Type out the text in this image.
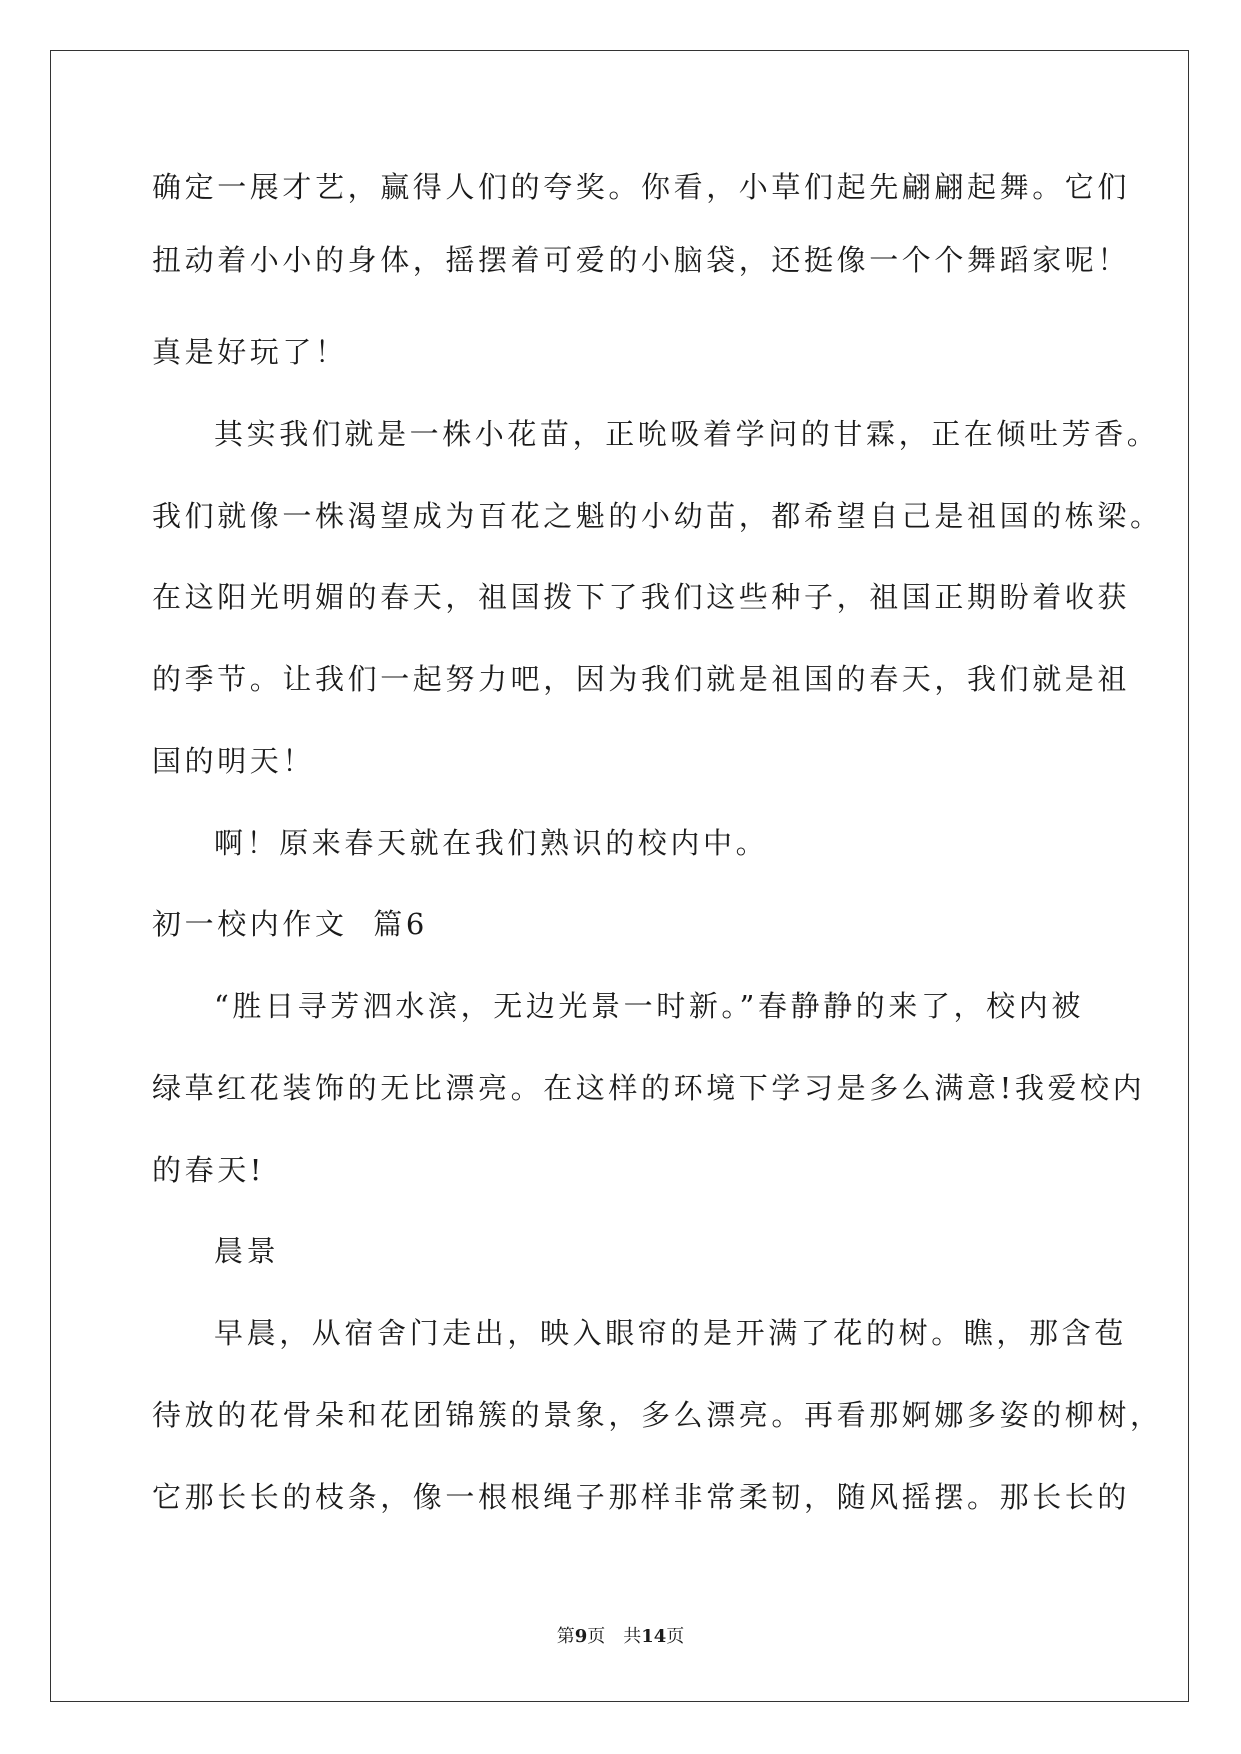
确定一展才艺，赢得人们的夸奖。你看，小草们起先翩翩起舞。它们
扭动着小小的身体，摇摆着可爱的小脑袋，还挺像一个个舞蹈家呢！
真是好玩了！
其实我们就是一株小花苗，正吮吸着学问的甘霖，正在倾吐芳香。
我们就像一株渴望成为百花之魁的小幼苗，都希望自己是祖国的栋梁。
在这阳光明媚的春天，祖国拨下了我们这些种子，祖国正期盼着收获
的季节。让我们一起努力吧，因为我们就是祖国的春天，我们就是祖
国的明天！
啊！原来春天就在我们熟识的校内中。
初一校内作文  篇6
“胜日寻芳泗水滨，无边光景一时新。”春静静的来了，校内被
绿草红花装饰的无比漂亮。在这样的环境下学习是多么满意!我爱校内
的春天!
晨景
早晨，从宿舍门走出，映入眼帘的是开满了花的树。瞧，那含苞
待放的花骨朵和花团锦簇的景象，多么漂亮。再看那婀娜多姿的柳树，
它那长长的枝条，像一根根绳子那样非常柔韧，随风摇摆。那长长的
第9页　共14页
